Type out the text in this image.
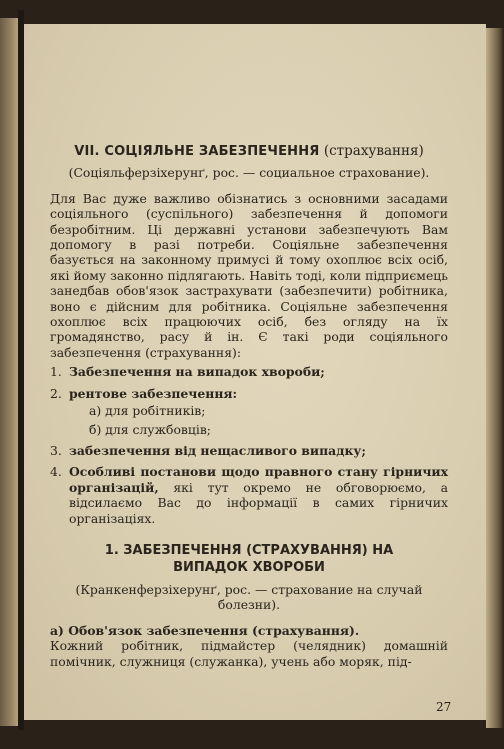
VII. СОЦІЯЛЬНЕ ЗАБЕЗПЕЧЕННЯ (страхування)
(Соціяльферзіхерунґ, рос. — социальное страхование).

Для Вас дуже важливо обізнатись з основними засадами соціяльного (суспільного) забезпечення й допомоги безробітним. Ці державні установи забезпечують Вам допомогу в разі потреби. Соціяльне забезпечення базується на законному примусі й тому охоплює всіх осіб, які йому законно підлягають. Навіть тоді, коли підприємець занедбав обов'язок застрахувати (забезпечити) робітника, воно є дійсним для робітника. Соціяльне забезпечення охоплює всіх працюючих осіб, без огляду на їх громадянство, расу й ін. Є такі роди соціяльного забезпечення (страхування):

1. Забезпечення на випадок хвороби;
2. рентове забезпечення:
а) для робітників;
б) для службовців;
3. забезпечення від нещасливого випадку;
4. Особливі постанови щодо правного стану гірничих організацій, які тут окремо не обговорюємо, а відсилаємо Вас до інформації в самих гірничих організаціях.
1. ЗАБЕЗПЕЧЕННЯ (СТРАХУВАННЯ) НА
ВИПАДОК ХВОРОБИ
(Кранкенферзіхерунґ, рос. — страхование на случай болезни).

а) Обов'язок забезпечення (страхування).

Кожний робітник, підмайстер (челядник) домашній помічник, служниця (служанка), учень або моряк, під-

27
